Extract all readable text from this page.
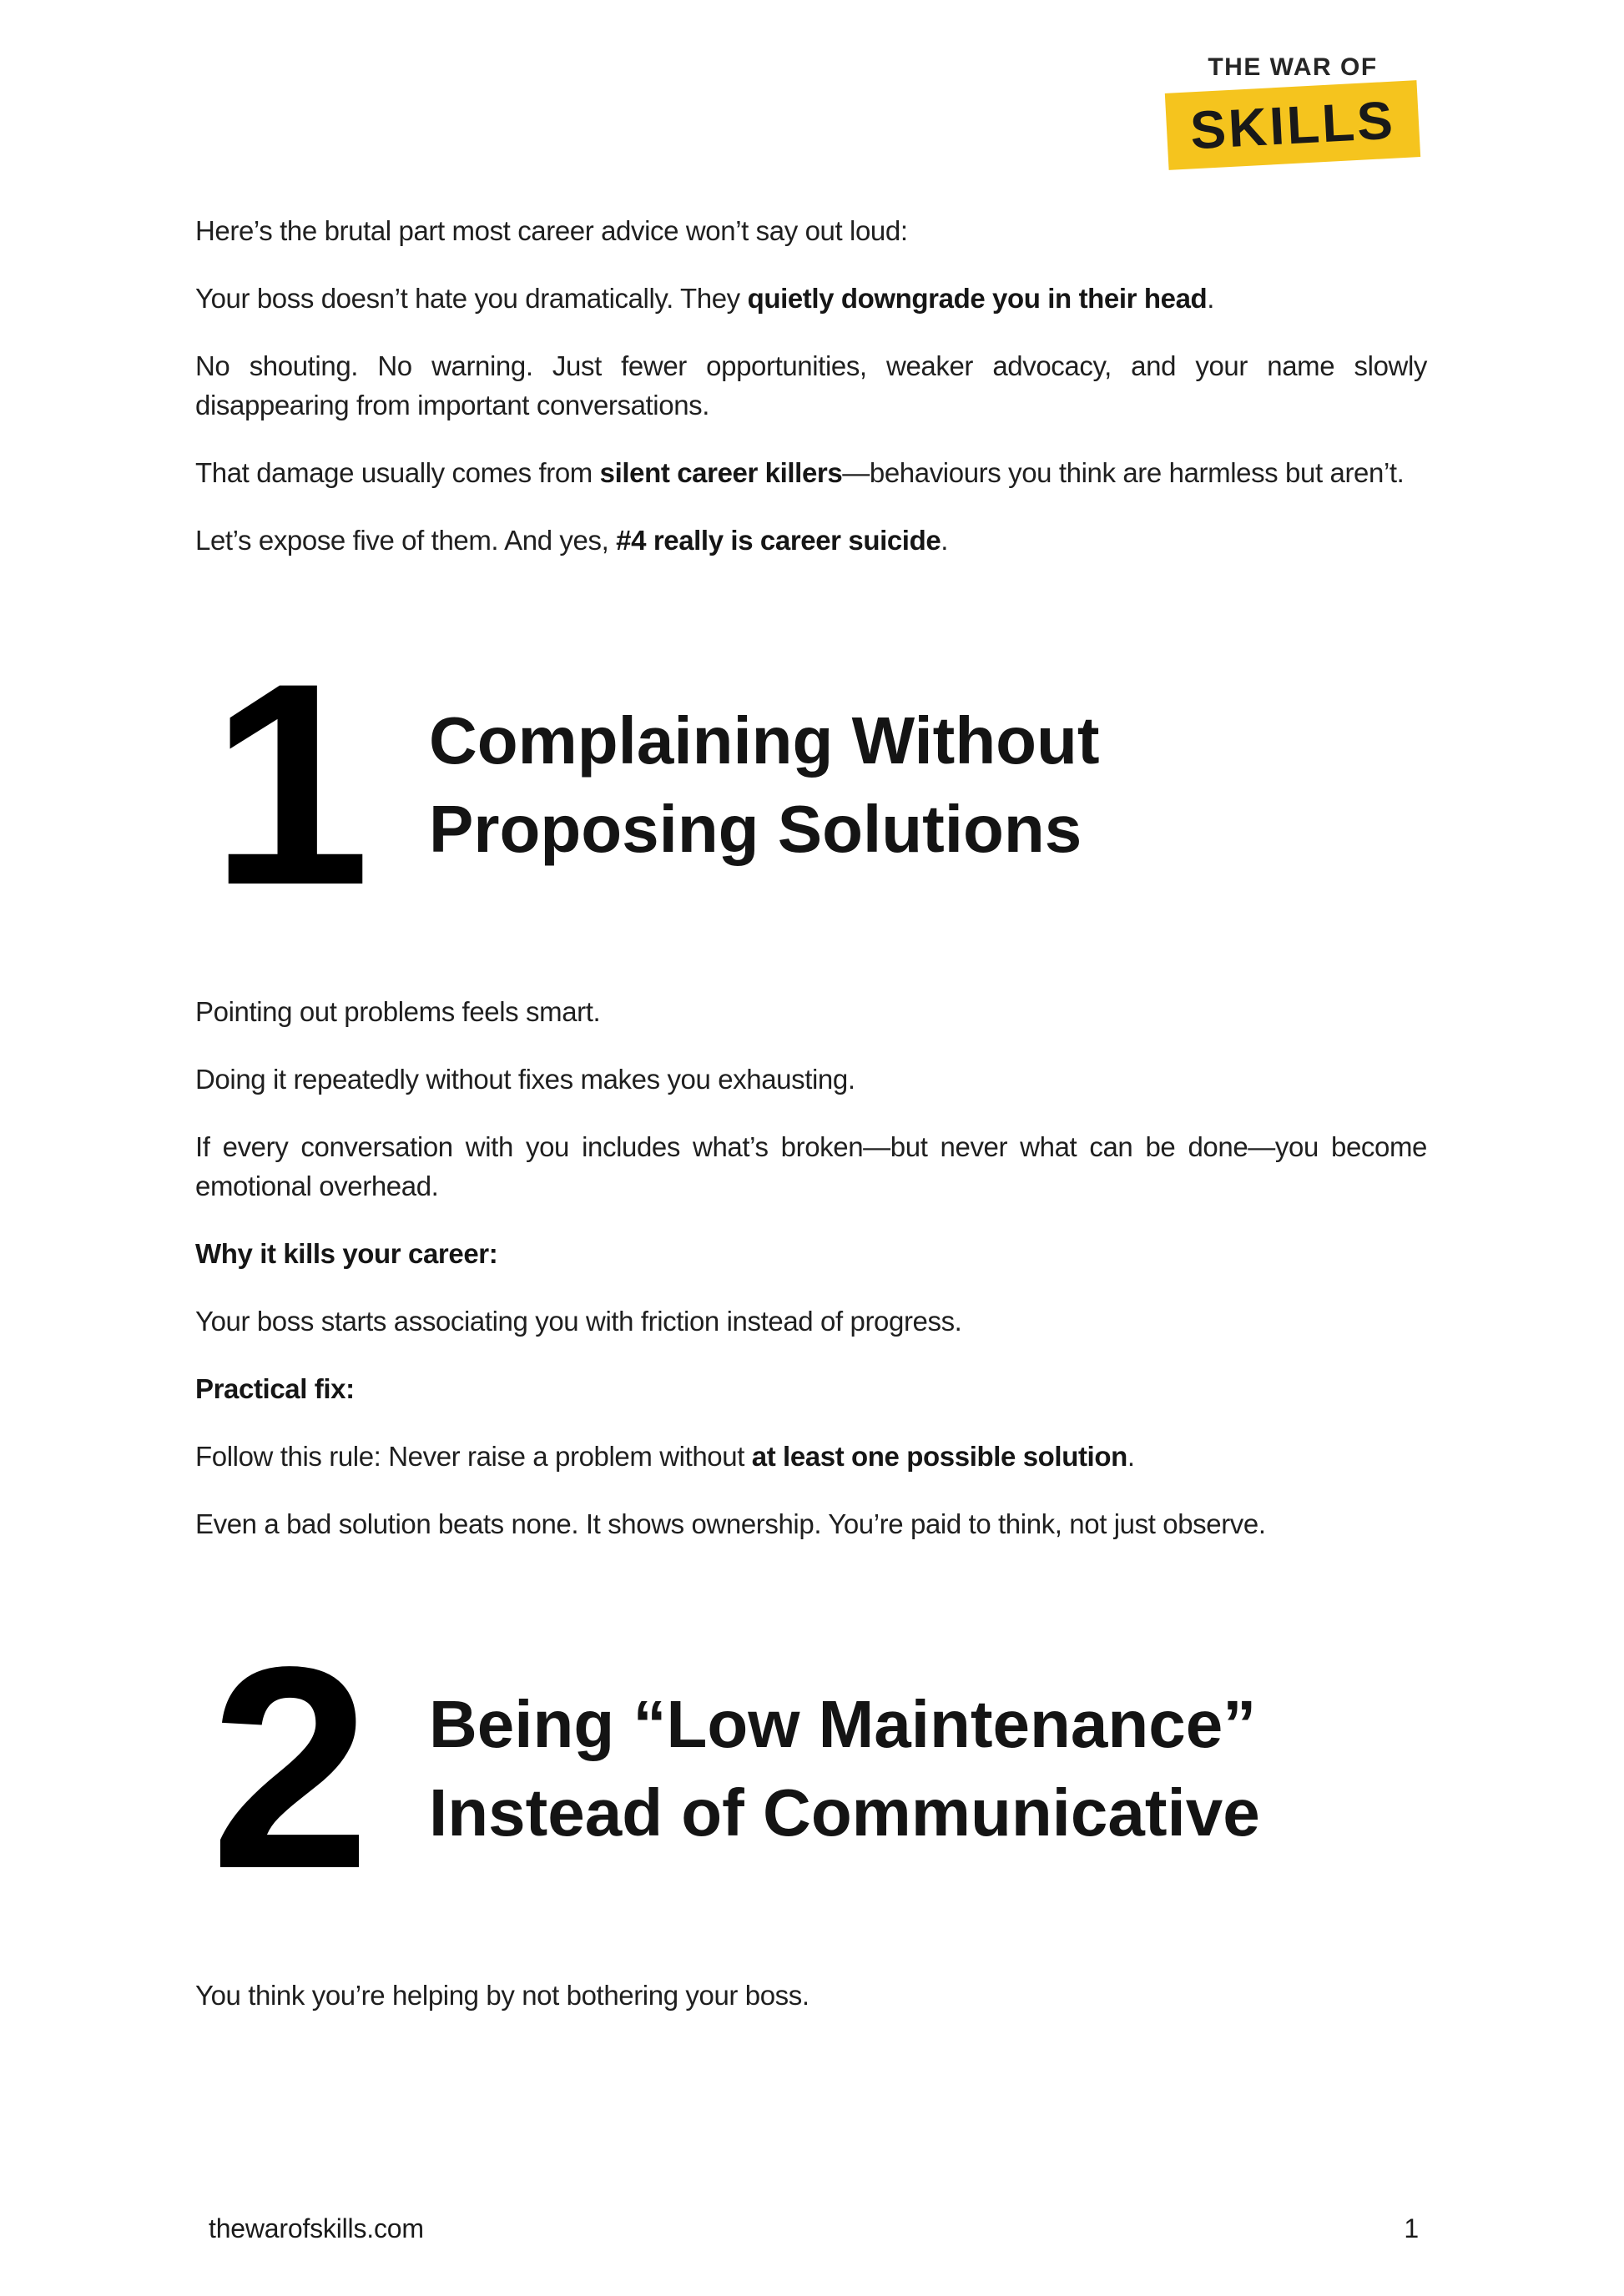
THE WAR OF
SKILLS

Here’s the brutal part most career advice won’t say out loud:

Your boss doesn’t hate you dramatically. They quietly downgrade you in their head.

No shouting. No warning. Just fewer opportunities, weaker advocacy, and your name slowly disappearing from important conversations.

That damage usually comes from silent career killers—behaviours you think are harmless but aren’t.

Let’s expose five of them. And yes, #4 really is career suicide.

1 Complaining Without
Proposing Solutions

Pointing out problems feels smart.

Doing it repeatedly without fixes makes you exhausting.

If every conversation with you includes what’s broken—but never what can be done—you become emotional overhead.

Why it kills your career:

Your boss starts associating you with friction instead of progress.

Practical fix:

Follow this rule: Never raise a problem without at least one possible solution.

Even a bad solution beats none. It shows ownership. You’re paid to think, not just observe.

2 Being “Low Maintenance”
Instead of Communicative

You think you’re helping by not bothering your boss.

thewarofskills.com	1
